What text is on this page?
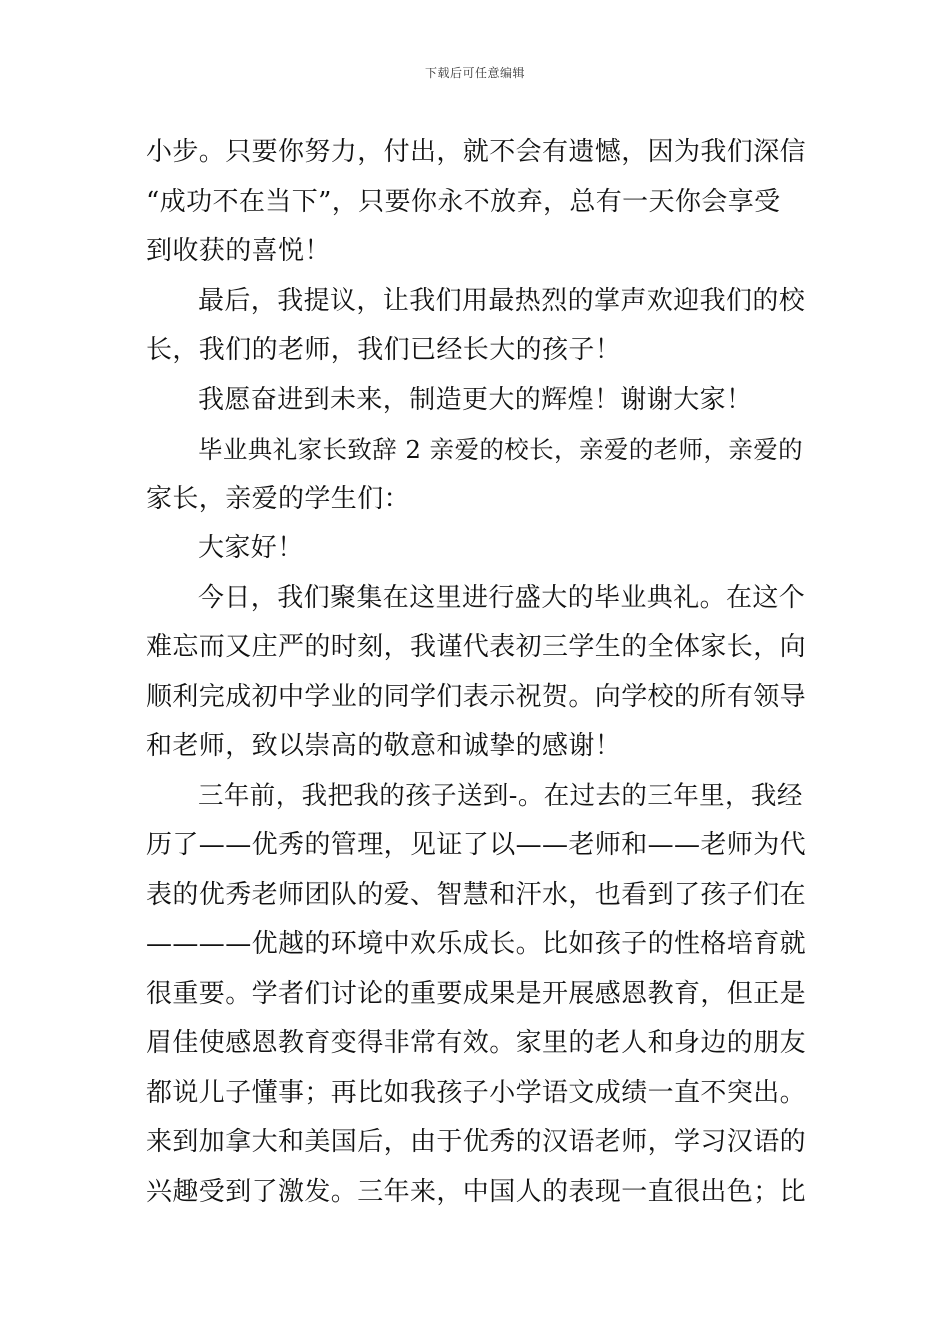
下载后可任意编辑
小步。只要你努力，付出，就不会有遗憾，因为我们深信
“成功不在当下”，只要你永不放弃，总有一天你会享受
到收获的喜悦！
最后，我提议，让我们用最热烈的掌声欢迎我们的校
长，我们的老师，我们已经长大的孩子！
我愿奋进到未来，制造更大的辉煌！谢谢大家！
毕业典礼家长致辞 2 亲爱的校长，亲爱的老师，亲爱的
家长，亲爱的学生们：
大家好！
今日，我们聚集在这里进行盛大的毕业典礼。在这个
难忘而又庄严的时刻，我谨代表初三学生的全体家长，向
顺利完成初中学业的同学们表示祝贺。向学校的所有领导
和老师，致以崇高的敬意和诚挚的感谢！
三年前，我把我的孩子送到-。在过去的三年里，我经
历了——优秀的管理，见证了以——老师和——老师为代
表的优秀老师团队的爱、智慧和汗水，也看到了孩子们在
————优越的环境中欢乐成长。比如孩子的性格培育就
很重要。学者们讨论的重要成果是开展感恩教育，但正是
眉佳使感恩教育变得非常有效。家里的老人和身边的朋友
都说儿子懂事；再比如我孩子小学语文成绩一直不突出。
来到加拿大和美国后，由于优秀的汉语老师，学习汉语的
兴趣受到了激发。三年来，中国人的表现一直很出色；比
